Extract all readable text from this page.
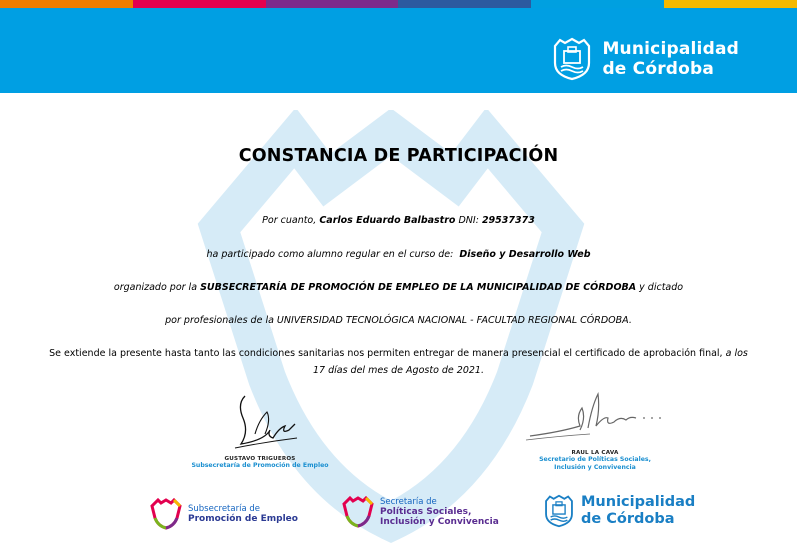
Municipalidad
de Córdoba
CONSTANCIA DE PARTICIPACIÓN
Por cuanto, Carlos Eduardo Balbastro DNI: 29537373
ha participado como alumno regular en el curso de: Diseño y Desarrollo Web
organizado por la SUBSECRETARÍA DE PROMOCIÓN DE EMPLEO DE LA MUNICIPALIDAD DE CÓRDOBA y dictado
por profesionales de la UNIVERSIDAD TECNOLÓGICA NACIONAL - FACULTAD REGIONAL CÓRDOBA.
Se extiende la presente hasta tanto las condiciones sanitarias nos permiten entregar de manera presencial el certificado de aprobación final, a los
17 días del mes de Agosto de 2021.
GUSTAVO TRIGUEROS
Subsecretaría de Promoción de Empleo
RAUL LA CAVA
Secretario de Políticas Sociales,
Inclusión y Convivencia
Subsecretaría de
Promoción de Empleo
Secretaría de
Políticas Sociales,
Inclusión y Convivencia
Municipalidad
de Córdoba
